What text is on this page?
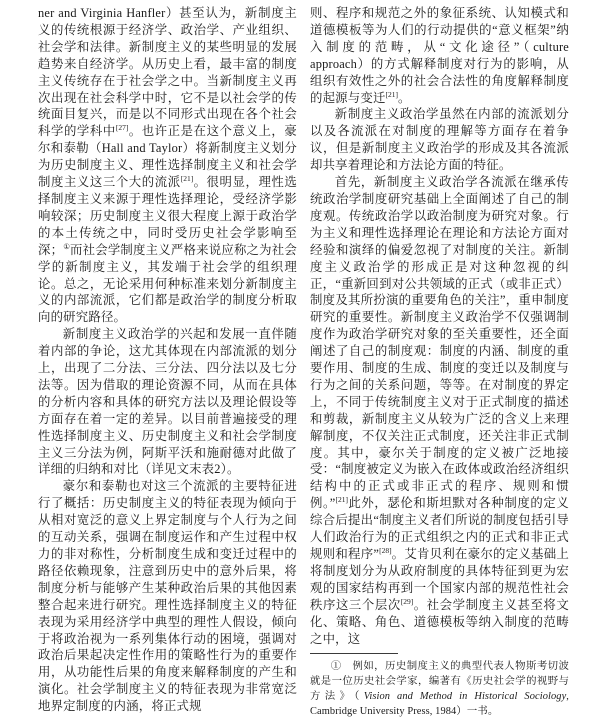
ner and Virginia Hanfler）甚至认为，新制度主义的传统根源于经济学、政治学、产业组织、社会学和法律。新制度主义的某些明显的发展趋势来自经济学。从历史上看，最丰富的制度主义传统存在于社会学之中。当新制度主义再次出现在社会科学中时，它不是以社会学的传统面目复兴，而是以不同形式出现在各个社会科学的学科中[27]。也许正是在这个意义上，豪尔和泰勒（Hall and Taylor）将新制度主义划分为历史制度主义、理性选择制度主义和社会学制度主义这三个大的流派[21]。很明显，理性选择制度主义来源于理性选择理论，受经济学影响较深；历史制度主义很大程度上源于政治学的本土传统之中，同时受历史社会学影响至深；①而社会学制度主义严格来说应称之为社会学的新制度主义，其发端于社会学的组织理论。总之，无论采用何种标准来划分新制度主义的内部流派，它们都是政治学的制度分析取向的研究路径。

新制度主义政治学的兴起和发展一直伴随着内部的争论，这尤其体现在内部流派的划分上，出现了二分法、三分法、四分法以及七分法等。因为借取的理论资源不同，从而在具体的分析内容和具体的研究方法以及理论假设等方面存在着一定的差异。以目前普遍接受的理性选择制度主义、历史制度主义和社会学制度主义三分法为例，阿斯平沃和施耐德对此做了详细的归纳和对比（详见文末表2）。

豪尔和泰勒也对这三个流派的主要特征进行了概括：历史制度主义的特征表现为倾向于从相对宽泛的意义上界定制度与个人行为之间的互动关系，强调在制度运作和产生过程中权力的非对称性，分析制度生成和变迁过程中的路径依赖现象，注意到历史中的意外后果，将制度分析与能够产生某种政治后果的其他因素整合起来进行研究。理性选择制度主义的特征表现为采用经济学中典型的理性人假设，倾向于将政治视为一系列集体行动的困境，强调对政治后果起决定性作用的策略性行为的重要作用，从功能性后果的角度来解释制度的产生和演化。社会学制度主义的特征表现为非常宽泛地界定制度的内涵，将正式规

则、程序和规范之外的象征系统、认知模式和道德模板等为人们的行动提供的“意义框架”纳入制度的范畴，从“文化途径”（culture approach）的方式解释制度对行为的影响，从组织有效性之外的社会合法性的角度解释制度的起源与变迁[21]。

新制度主义政治学虽然在内部的流派划分以及各流派在对制度的理解等方面存在着争议，但是新制度主义政治学的形成及其各流派却共享着理论和方法论方面的特征。

首先，新制度主义政治学各流派在继承传统政治学制度研究基础上全面阐述了自己的制度观。传统政治学以政治制度为研究对象。行为主义和理性选择理论在理论和方法论方面对经验和演绎的偏爱忽视了对制度的关注。新制度主义政治学的形成正是对这种忽视的纠正，“重新回到对公共领域的正式（或非正式）制度及其所扮演的重要角色的关注”，重申制度研究的重要性。新制度主义政治学不仅强调制度作为政治学研究对象的至关重要性，还全面阐述了自己的制度观：制度的内涵、制度的重要作用、制度的生成、制度的变迁以及制度与行为之间的关系问题，等等。在对制度的界定上，不同于传统制度主义对于正式制度的描述和剪裁，新制度主义从较为广泛的含义上来理解制度，不仅关注正式制度，还关注非正式制度。其中，豪尔关于制度的定义被广泛地接受：“制度被定义为嵌入在政体或政治经济组织结构中的正式或非正式的程序、规则和惯例。”[21]此外，瑟伦和斯坦默对各种制度的定义综合后提出“制度主义者们所说的制度包括引导人们政治行为的正式组织之内的正式和非正式规则和程序”[28]。艾肯贝利在豪尔的定义基础上将制度划分为从政府制度的具体特征到更为宏观的国家结构再到一个国家内部的规范性社会秩序这三个层次[29]。社会学制度主义甚至将文化、策略、角色、道德模板等纳入制度的范畴之中，这

①　例如，历史制度主义的典型代表人物斯考切波就是一位历史社会学家，编著有《历史社会学的视野与方法》（Vision and Method in Historical Sociology, Cambridge University Press, 1984）一书。
